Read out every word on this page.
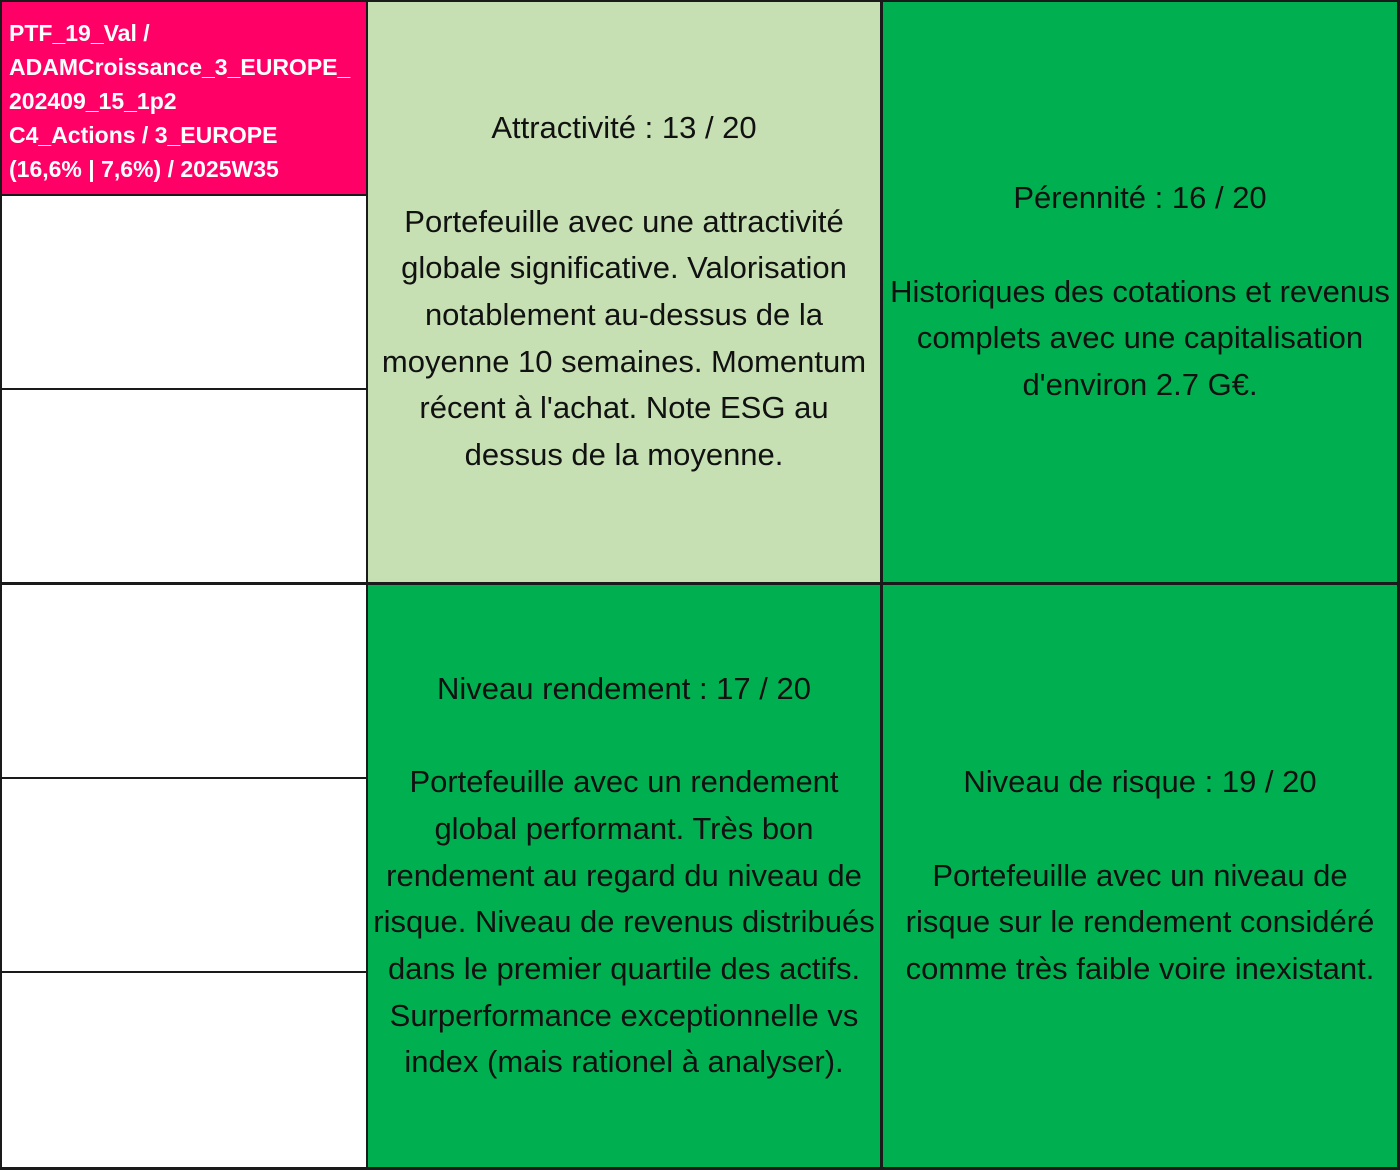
PTF_19_Val /
ADAMCroissance_3_EUROPE_202409_15_1p2
C4_Actions / 3_EUROPE
(16,6% | 7,6%) / 2025W35
Attractivité : 13 / 20
Portefeuille avec une attractivité globale significative. Valorisation notablement au-dessus de la moyenne 10 semaines. Momentum récent à l'achat. Note ESG au dessus de la moyenne.
Pérennité : 16 / 20
Historiques des cotations et revenus complets avec une capitalisation d'environ 2.7 G€.
Niveau rendement : 17 / 20
Portefeuille avec un rendement global performant. Très bon rendement au regard du niveau de risque. Niveau de revenus distribués dans le premier quartile des actifs. Surperformance exceptionnelle vs index (mais rationel à analyser).
Niveau de risque : 19 / 20
Portefeuille avec un niveau de risque sur le rendement considéré comme très faible voire inexistant.
